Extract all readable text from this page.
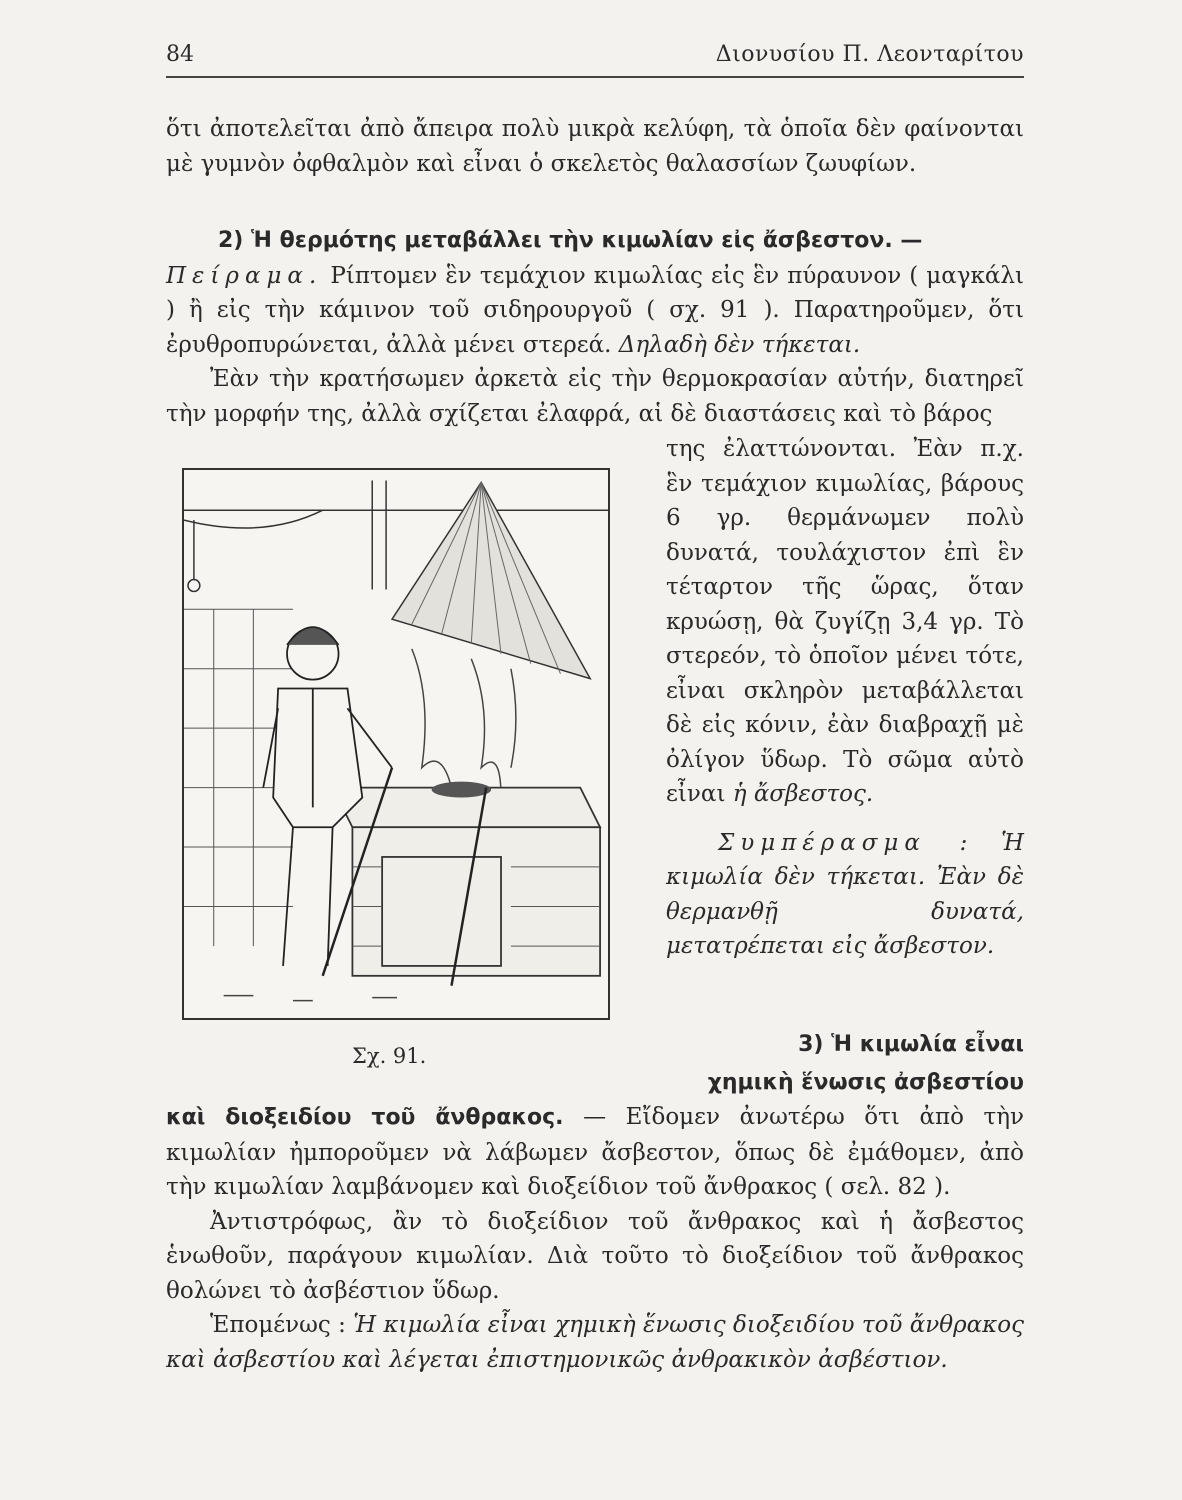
84	Διονυσίου Π. Λεονταρίτου

ὅτι ἀποτελεῖται ἀπὸ ἄπειρα πολὺ μικρὰ κελύφη, τὰ ὁποῖα δὲν φαίνονται

μὲ γυμνὸν ὀφθαλμὸν καὶ εἶναι ὁ σκελετὸς θαλασσίων ζωυφίων.

2) Ἡ θερμότης μεταβάλλει τὴν κιμωλίαν εἰς ἄσβεστον. —

Πείραμα. Ρίπτομεν ἓν τεμάχιον κιμωλίας εἰς ἓν πύραυνον ( μαγκάλι ) ἢ εἰς τὴν κάμινον τοῦ σιδηρουργοῦ ( σχ. 91 ). Παρατηροῦμεν, ὅτι ἐρυθροπυρώνεται, ἀλλὰ μένει στερεά. Δηλαδὴ δὲν τήκεται.

Ἐὰν τὴν κρατήσωμεν ἀρκετὰ εἰς τὴν θερμοκρασίαν αὐτήν, διατηρεῖ τὴν μορφήν της, ἀλλὰ σχίζεται ἐλαφρά, αἱ δὲ διαστάσεις καὶ τὸ βάρος

της ἐλαττώνονται. Ἐὰν π.χ. ἓν τεμάχιον κιμωλίας, βάρους 6 γρ. θερμάνωμεν πολὺ δυνατά, τουλάχιστον ἐπὶ ἓν τέταρτον τῆς ὥρας, ὅταν κρυώσῃ, θὰ ζυγίζῃ 3,4 γρ. Τὸ στερεόν, τὸ ὁποῖον μένει τότε, εἶναι σκληρὸν μεταβάλλεται δὲ εἰς κόνιν, ἐὰν διαβραχῇ μὲ ὀλίγον ὕδωρ. Τὸ σῶμα αὐτὸ εἶναι ἡ ἄσβεστος.

Συμπέρασμα : Ἡ κιμωλία δὲν τήκεται. Ἐὰν δὲ θερμανθῇ δυνατά, μετατρέπεται εἰς ἄσβεστον.

Σχ. 91.	3) Ἡ κιμωλία εἶναι

χημικὴ ἕνωσις ἀσβεστίου

καὶ διοξειδίου τοῦ ἄνθρακος. — Εἴδομεν ἀνωτέρω ὅτι ἀπὸ τὴν κιμωλίαν ἠμποροῦμεν νὰ λάβωμεν ἄσβεστον, ὅπως δὲ ἐμάθομεν, ἀπὸ τὴν κιμωλίαν λαμβάνομεν καὶ διοξείδιον τοῦ ἄνθρακος ( σελ. 82 ).

Ἀντιστρόφως, ἂν τὸ διοξείδιον τοῦ ἄνθρακος καὶ ἡ ἄσβεστος ἑνωθοῦν, παράγουν κιμωλίαν. Διὰ τοῦτο τὸ διοξείδιον τοῦ ἄνθρακος θολώνει τὸ ἀσβέστιον ὕδωρ.

Ἑπομένως : Ἡ κιμωλία εἶναι χημικὴ ἕνωσις διοξειδίου τοῦ ἄνθρακος καὶ ἀσβεστίου καὶ λέγεται ἐπιστημονικῶς ἀνθρακικὸν ἀσβέστιον.
